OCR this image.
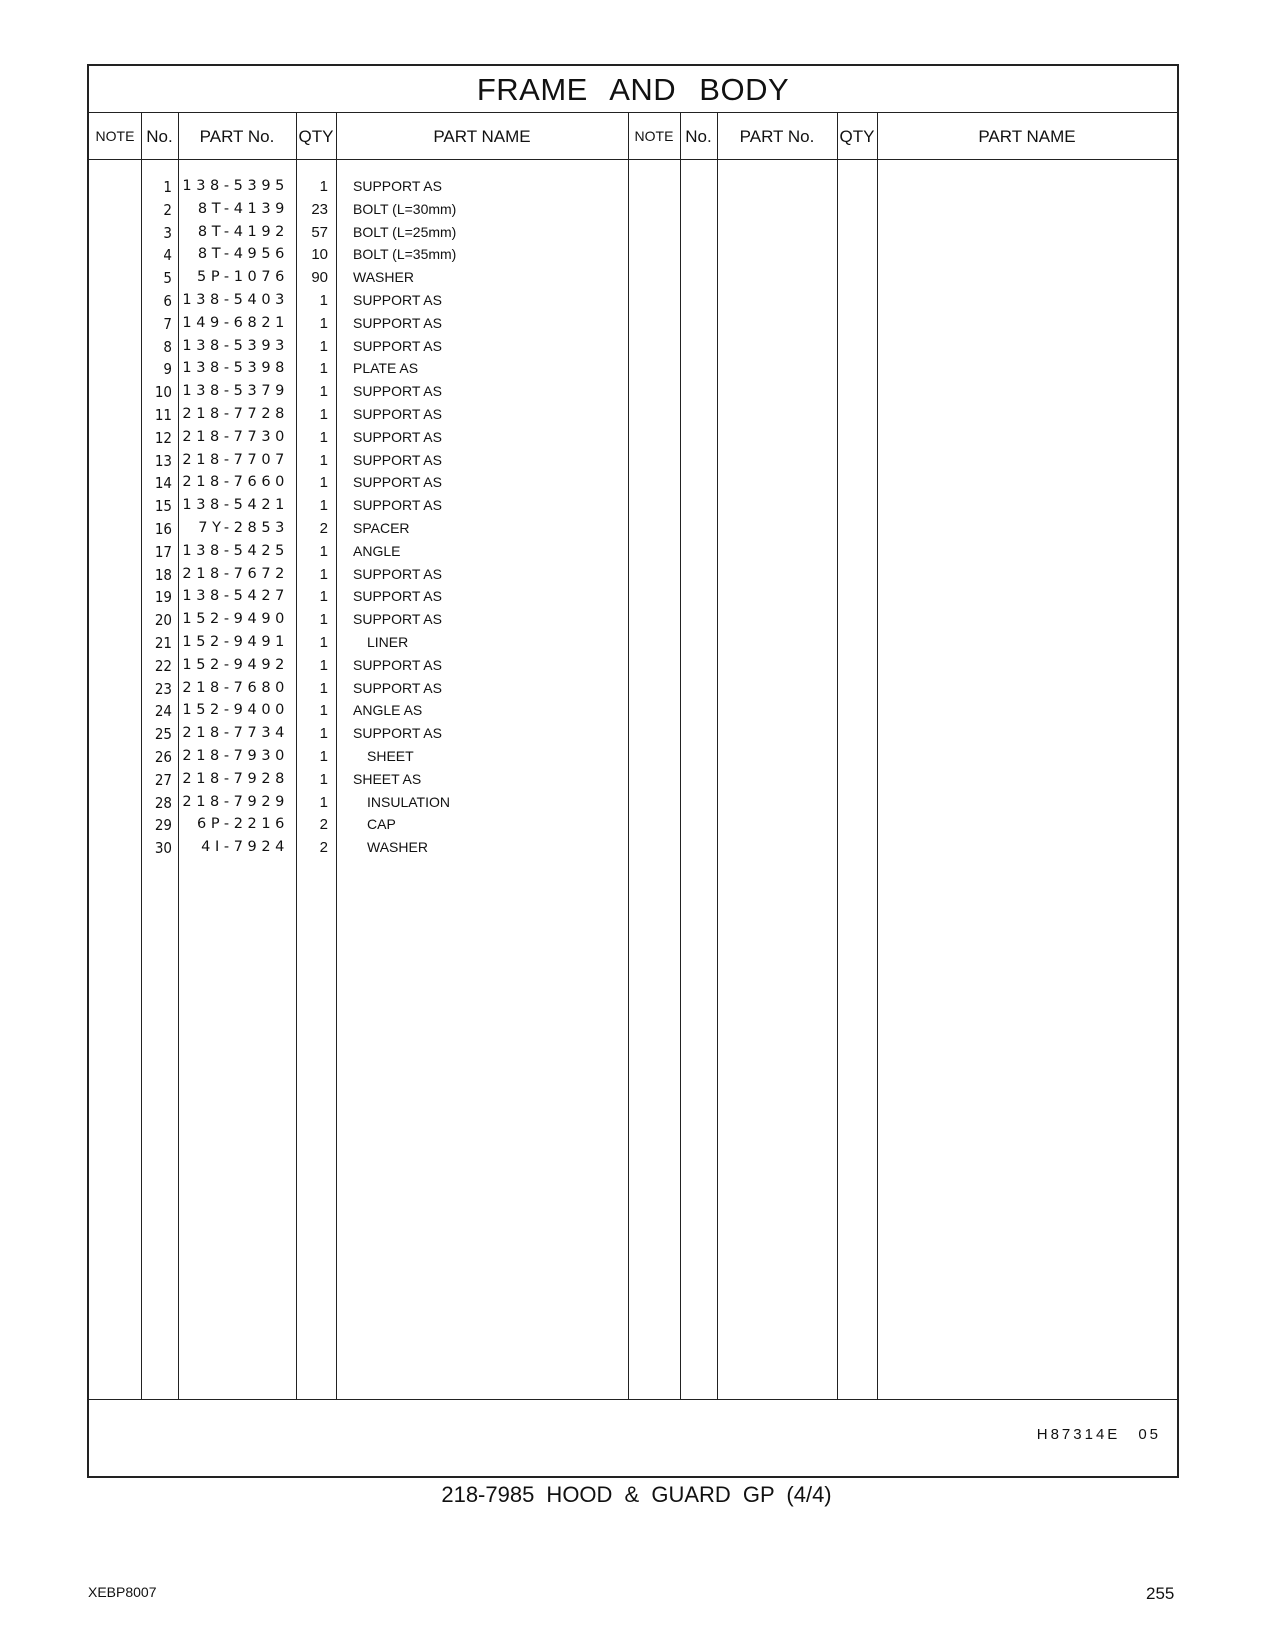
FRAME AND BODY
NOTE No.	PART No.	QTY	PART NAME	NOTE No.	PART No.	QTY	PART NAME
1 138-5395	1 SUPPORT AS
2	8T-4139	23 BOLT (L=30mm)
3	8T-4192	57 BOLT (L=25mm)
4	8T-4956	10 BOLT (L=35mm)
5	5P-1076	90 WASHER
6 138-5403	1 SUPPORT AS
7 149-6821	1 SUPPORT AS
8 138-5393	1 SUPPORT AS
9 138-5398	1 PLATE AS
10 138-5379	1 SUPPORT AS
11 218-7728	1 SUPPORT AS
12 218-7730	1 SUPPORT AS
13 218-7707	1 SUPPORT AS
14 218-7660	1 SUPPORT AS
15 138-5421	1 SUPPORT AS
16	7Y-2853	2 SPACER
17 138-5425	1 ANGLE
18 218-7672	1 SUPPORT AS
19 138-5427	1 SUPPORT AS
20 152-9490	1 SUPPORT AS
21 152-9491	1	LINER
22 152-9492	1 SUPPORT AS
23 218-7680	1 SUPPORT AS
24 152-9400	1 ANGLE AS
25 218-7734	1 SUPPORT AS
26 218-7930	1	SHEET
27 218-7928	1 SHEET AS
28 218-7929	1	INSULATION
29	6P-2216	2	CAP
30	4I-7924	2	WASHER
H87314E 05
218-7985 HOOD & GUARD GP (4/4)
XEBP8007	255
